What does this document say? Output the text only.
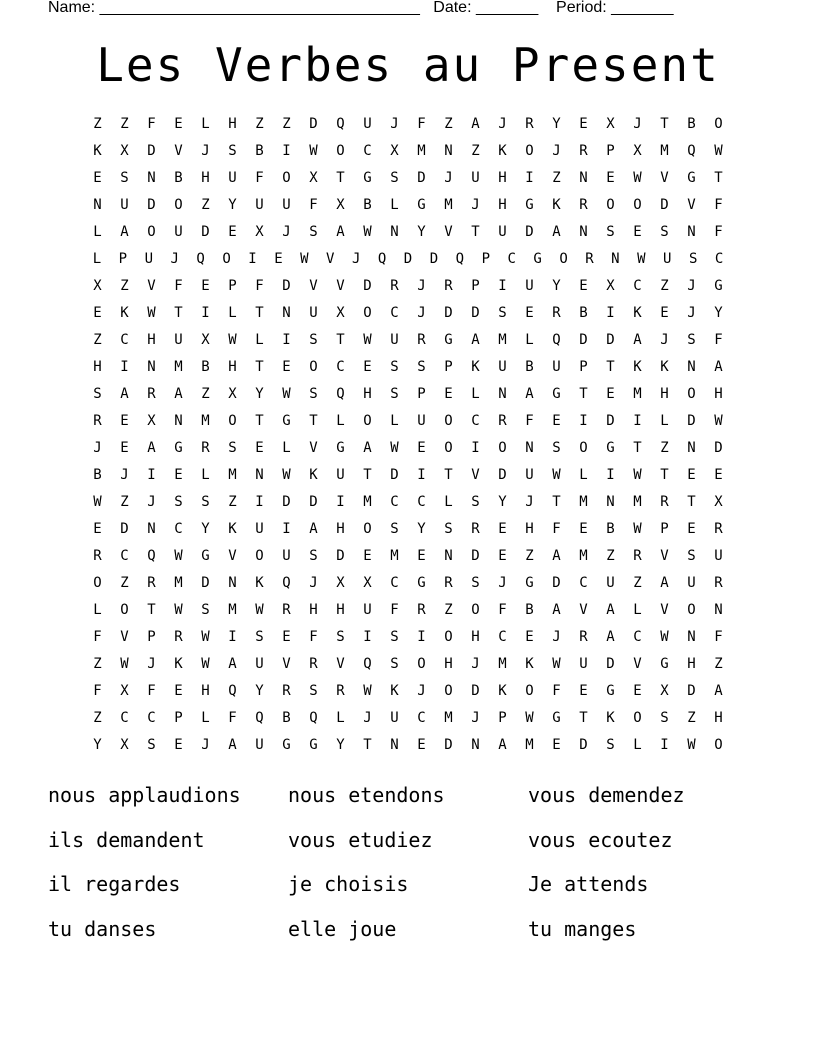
Name: ____________________________________ Date: _______ Period: _______
Les Verbes au Present
Z	Z	F	E	L	H	Z	Z	D	Q	U	J	F	Z	A	J	R	Y	E	X	J	T	B	O
K	X	D	V	J	S	B	I	W	O	C	X	M	N	Z	K	O	J	R	P	X	M	Q	W
E	S	N	B	H	U	F	O	X	T	G	S	D	J	U	H	I	Z	N	E	W	V	G	T
N	U	D	O	Z	Y	U	U	F	X	B	L	G	M	J	H	G	K	R	O	O	D	V	F
L	A	O	U	D	E	X	J	S	A	W	N	Y	V	T	U	D	A	N	S	E	S	N	F
L	P	U	J	Q	O	I	E	W	V	J	Q	D	D	Q	P	C	G	O	R	N	W	U	S	C
X	Z	V	F	E	P	F	D	V	V	D	R	J	R	P	I	U	Y	E	X	C	Z	J	G
E	K	W	T	I	L	T	N	U	X	O	C	J	D	D	S	E	R	B	I	K	E	J	Y
Z	C	H	U	X	W	L	I	S	T	W	U	R	G	A	M	L	Q	D	D	A	J	S	F
H	I	N	M	B	H	T	E	O	C	E	S	S	P	K	U	B	U	P	T	K	K	N	A
S	A	R	A	Z	X	Y	W	S	Q	H	S	P	E	L	N	A	G	T	E	M	H	O	H
R	E	X	N	M	O	T	G	T	L	O	L	U	O	C	R	F	E	I	D	I	L	D	W
J	E	A	G	R	S	E	L	V	G	A	W	E	O	I	O	N	S	O	G	T	Z	N	D
B	J	I	E	L	M	N	W	K	U	T	D	I	T	V	D	U	W	L	I	W	T	E	E
W	Z	J	S	S	Z	I	D	D	I	M	C	C	L	S	Y	J	T	M	N	M	R	T	X
E	D	N	C	Y	K	U	I	A	H	O	S	Y	S	R	E	H	F	E	B	W	P	E	R
R	C	Q	W	G	V	O	U	S	D	E	M	E	N	D	E	Z	A	M	Z	R	V	S	U
O	Z	R	M	D	N	K	Q	J	X	X	C	G	R	S	J	G	D	C	U	Z	A	U	R
L	O	T	W	S	M	W	R	H	H	U	F	R	Z	O	F	B	A	V	A	L	V	O	N
F	V	P	R	W	I	S	E	F	S	I	S	I	O	H	C	E	J	R	A	C	W	N	F
Z	W	J	K	W	A	U	V	R	V	Q	S	O	H	J	M	K	W	U	D	V	G	H	Z
F	X	F	E	H	Q	Y	R	S	R	W	K	J	O	D	K	O	F	E	G	E	X	D	A
Z	C	C	P	L	F	Q	B	Q	L	J	U	C	M	J	P	W	G	T	K	O	S	Z	H
Y	X	S	E	J	A	U	G	G	Y	T	N	E	D	N	A	M	E	D	S	L	I	W	O
nous applaudions	nous etendons	vous demendez
ils demandent	vous etudiez	vous ecoutez
il regardes	je choisis	Je attends
tu danses	elle joue	tu manges
